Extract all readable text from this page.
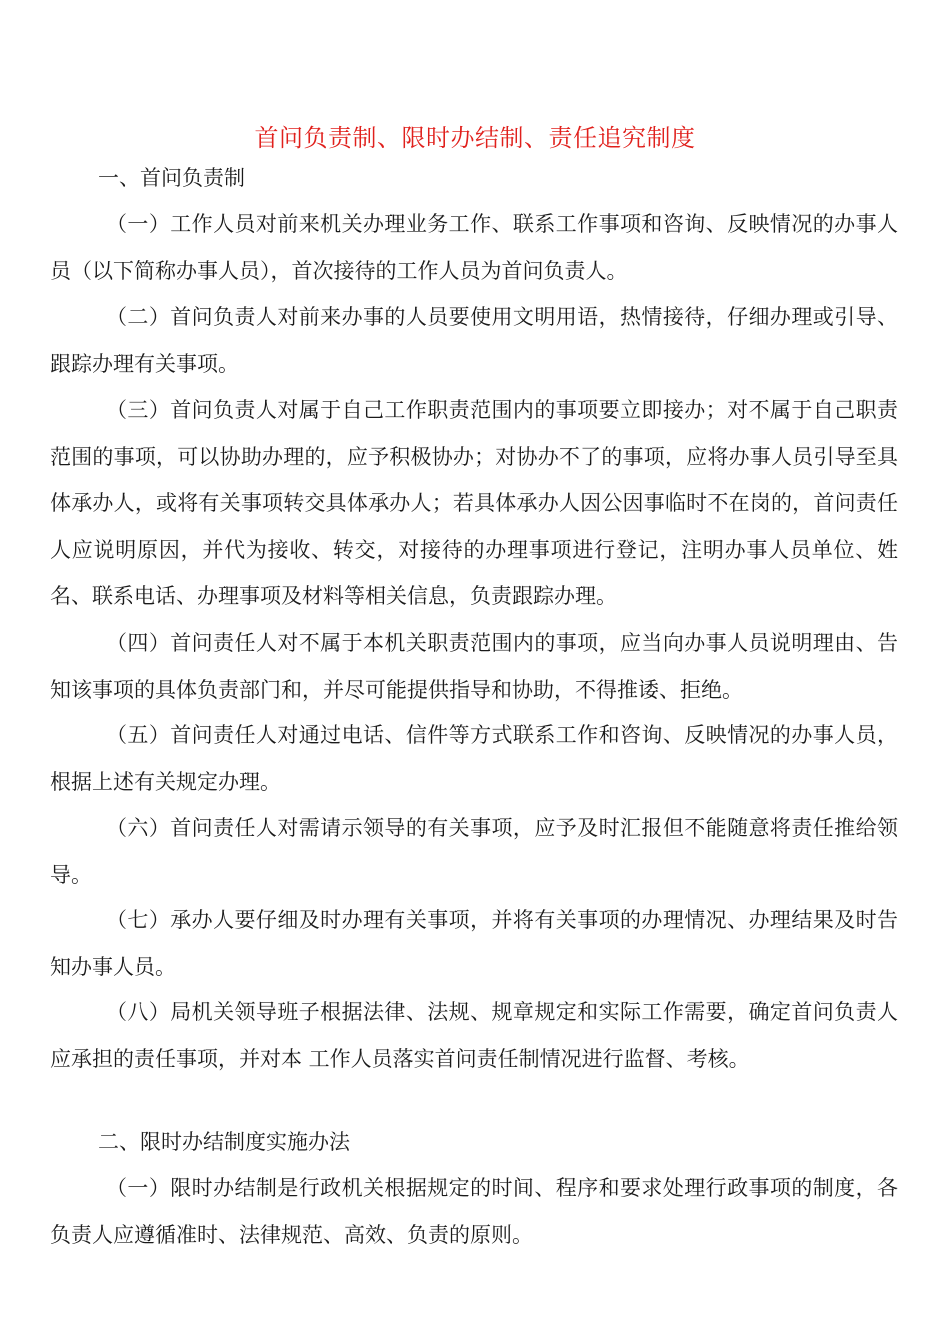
首问负责制、限时办结制、责任追究制度
一、首问负责制

（一）工作人员对前来机关办理业务工作、联系工作事项和咨询、反映情况的办事人员（以下简称办事人员），首次接待的工作人员为首问负责人。

（二）首问负责人对前来办事的人员要使用文明用语，热情接待，仔细办理或引导、跟踪办理有关事项。

（三）首问负责人对属于自己工作职责范围内的事项要立即接办；对不属于自己职责范围的事项，可以协助办理的，应予积极协办；对协办不了的事项，应将办事人员引导至具体承办人，或将有关事项转交具体承办人；若具体承办人因公因事临时不在岗的，首问责任人应说明原因，并代为接收、转交，对接待的办理事项进行登记，注明办事人员单位、姓名、联系电话、办理事项及材料等相关信息，负责跟踪办理。

（四）首问责任人对不属于本机关职责范围内的事项，应当向办事人员说明理由、告知该事项的具体负责部门和，并尽可能提供指导和协助，不得推诿、拒绝。

（五）首问责任人对通过电话、信件等方式联系工作和咨询、反映情况的办事人员，根据上述有关规定办理。

（六）首问责任人对需请示领导的有关事项，应予及时汇报但不能随意将责任推给领导。

（七）承办人要仔细及时办理有关事项，并将有关事项的办理情况、办理结果及时告知办事人员。

（八）局机关领导班子根据法律、法规、规章规定和实际工作需要，确定首问负责人应承担的责任事项，并对本 工作人员落实首问责任制情况进行监督、考核。

二、限时办结制度实施办法

（一）限时办结制是行政机关根据规定的时间、程序和要求处理行政事项的制度，各负责人应遵循准时、法律规范、高效、负责的原则。
